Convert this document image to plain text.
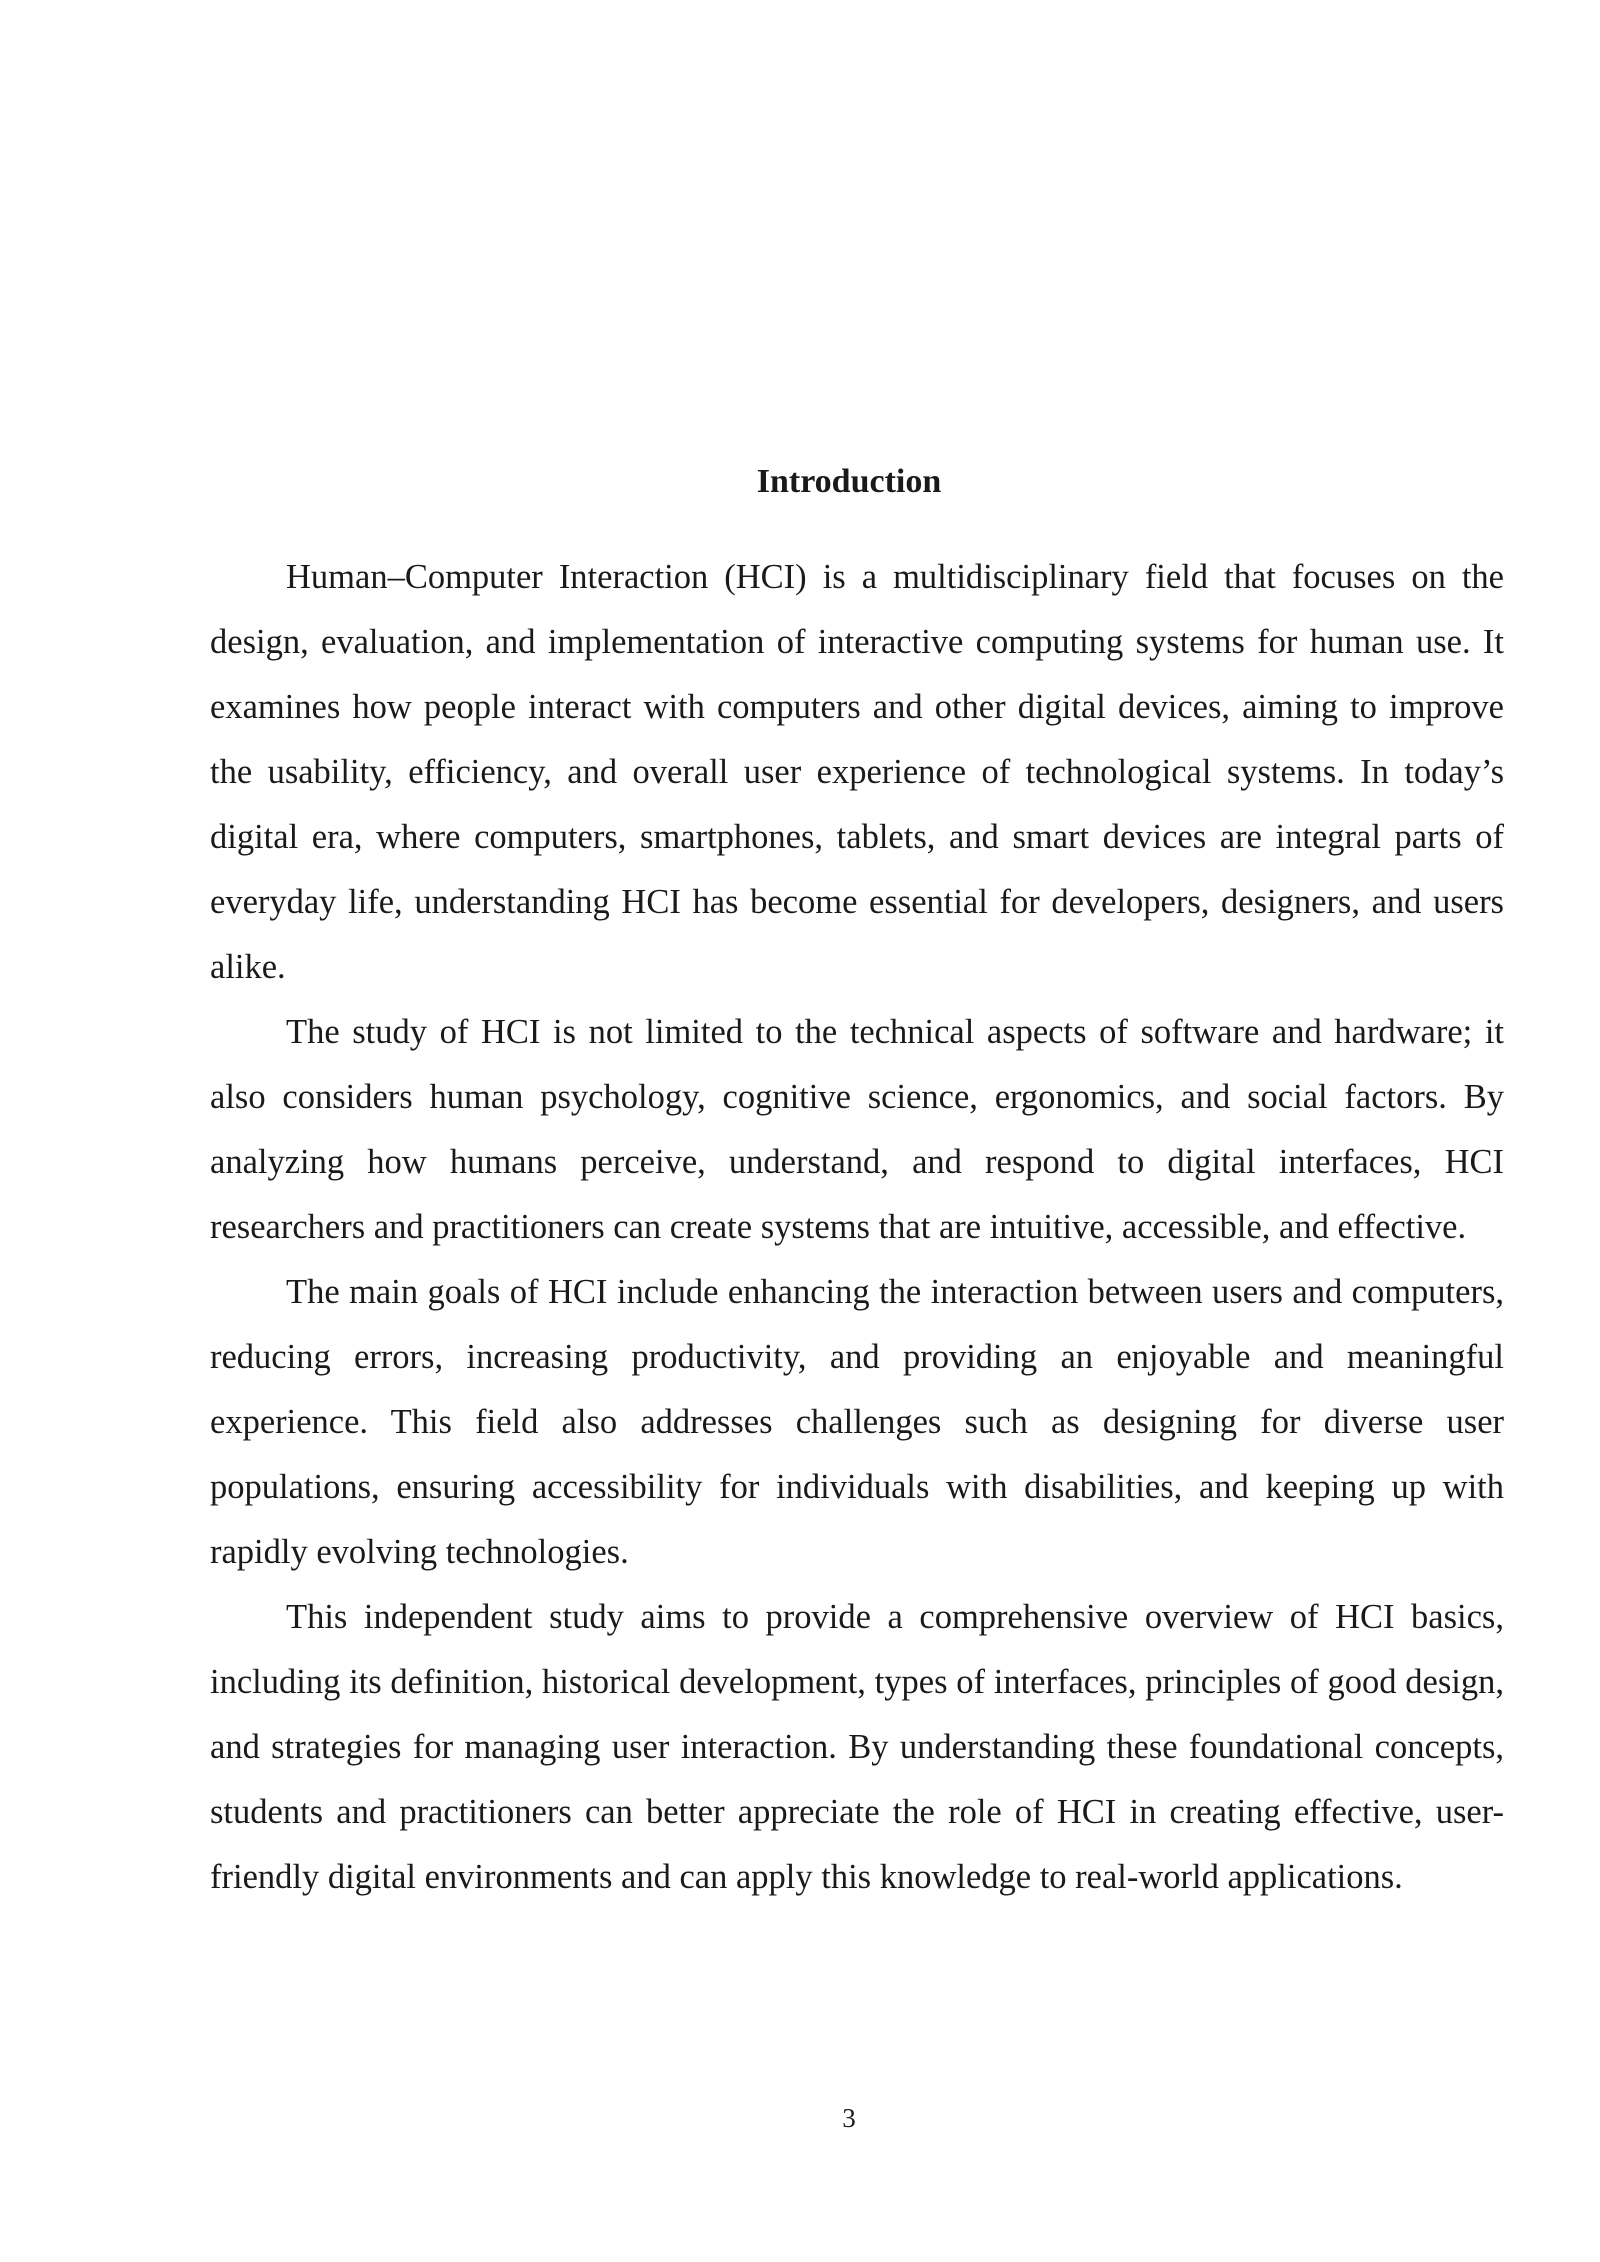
Introduction

Human–Computer Interaction (HCI) is a multidisciplinary field that focuses on the design, evaluation, and implementation of interactive computing systems for human use. It examines how people interact with computers and other digital devices, aiming to improve the usability, efficiency, and overall user experience of technological systems. In today’s digital era, where computers, smartphones, tablets, and smart devices are integral parts of everyday life, understanding HCI has become essential for developers, designers, and users alike.

The study of HCI is not limited to the technical aspects of software and hardware; it also considers human psychology, cognitive science, ergonomics, and social factors. By analyzing how humans perceive, understand, and respond to digital interfaces, HCI researchers and practitioners can create systems that are intuitive, accessible, and effective.

The main goals of HCI include enhancing the interaction between users and computers, reducing errors, increasing productivity, and providing an enjoyable and meaningful experience. This field also addresses challenges such as designing for diverse user populations, ensuring accessibility for individuals with disabilities, and keeping up with rapidly evolving technologies.

This independent study aims to provide a comprehensive overview of HCI basics, including its definition, historical development, types of interfaces, principles of good design, and strategies for managing user interaction. By understanding these foundational concepts, students and practitioners can better appreciate the role of HCI in creating effective, user-friendly digital environments and can apply this knowledge to real-world applications.

3
